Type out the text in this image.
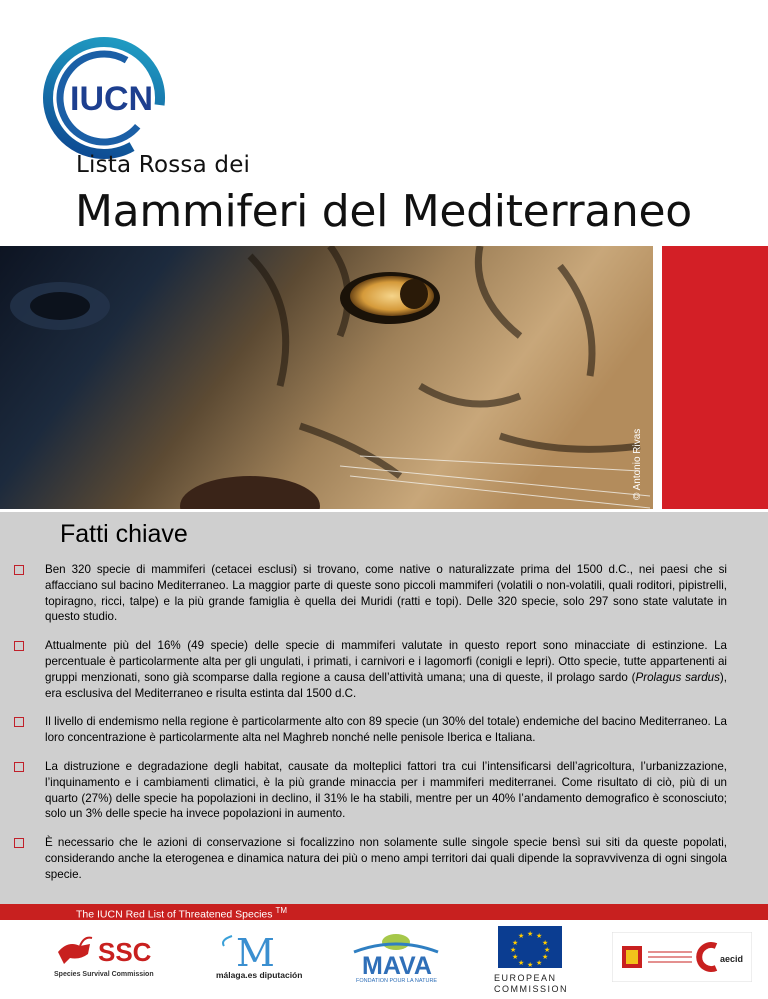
IUCN
Lista Rossa dei
Mammiferi del Mediterraneo
© Antonio Rivas
Fatti chiave
Ben 320 specie di mammiferi (cetacei esclusi) si trovano, come native o naturalizzate prima del 1500 d.C., nei paesi che si affacciano sul bacino Mediterraneo. La maggior parte di queste sono piccoli mammiferi (volatili o non-volatili, quali roditori, pipistrelli, topiragno, ricci, talpe) e la più grande famiglia è quella dei Muridi (ratti e topi). Delle 320 specie, solo 297 sono state valutate in questo studio.
Attualmente più del 16% (49 specie) delle specie di mammiferi valutate in questo report sono minacciate di estinzione. La percentuale è particolarmente alta per gli ungulati, i primati, i carnivori e i lagomorfi (conigli e lepri). Otto specie, tutte appartenenti ai gruppi menzionati, sono già scomparse dalla regione a causa dell’attività umana; una di queste, il prolago sardo (Prolagus sardus), era esclusiva del Mediterraneo e risulta estinta dal 1500 d.C.
Il livello di endemismo nella regione è particolarmente alto con 89 specie (un 30% del totale) endemiche del bacino Mediterraneo. La loro concentrazione è particolarmente alta nel Maghreb nonché nelle penisole Iberica e Italiana.
La distruzione e degradazione degli habitat, causate da molteplici fattori tra cui l’intensificarsi dell’agricoltura, l’urbanizzazione, l’inquinamento e i cambiamenti climatici, è la più grande minaccia per i mammiferi mediterranei. Come risultato di ciò, più di un quarto (27%) delle specie ha popolazioni in declino, il 31% le ha stabili, mentre per un 40% l’andamento demografico è sconosciuto; solo un 3% delle specie ha invece popolazioni in aumento.
È necessario che le azioni di conservazione si focalizzino non solamente sulle singole specie bensì sui siti da queste popolati, considerando anche la eterogenea e dinamica natura dei più o meno ampi territori dai quali dipende la sopravvivenza di ogni singola specie.
The IUCN Red List of Threatened Species ™
SSC
Species Survival Commission M
málaga.es diputación MAVA
FONDATION POUR LA NATURE
★ ★
★
★
★
★
★
★
★
★
★
★
EUROPEAN
COMMISSION
aecid
